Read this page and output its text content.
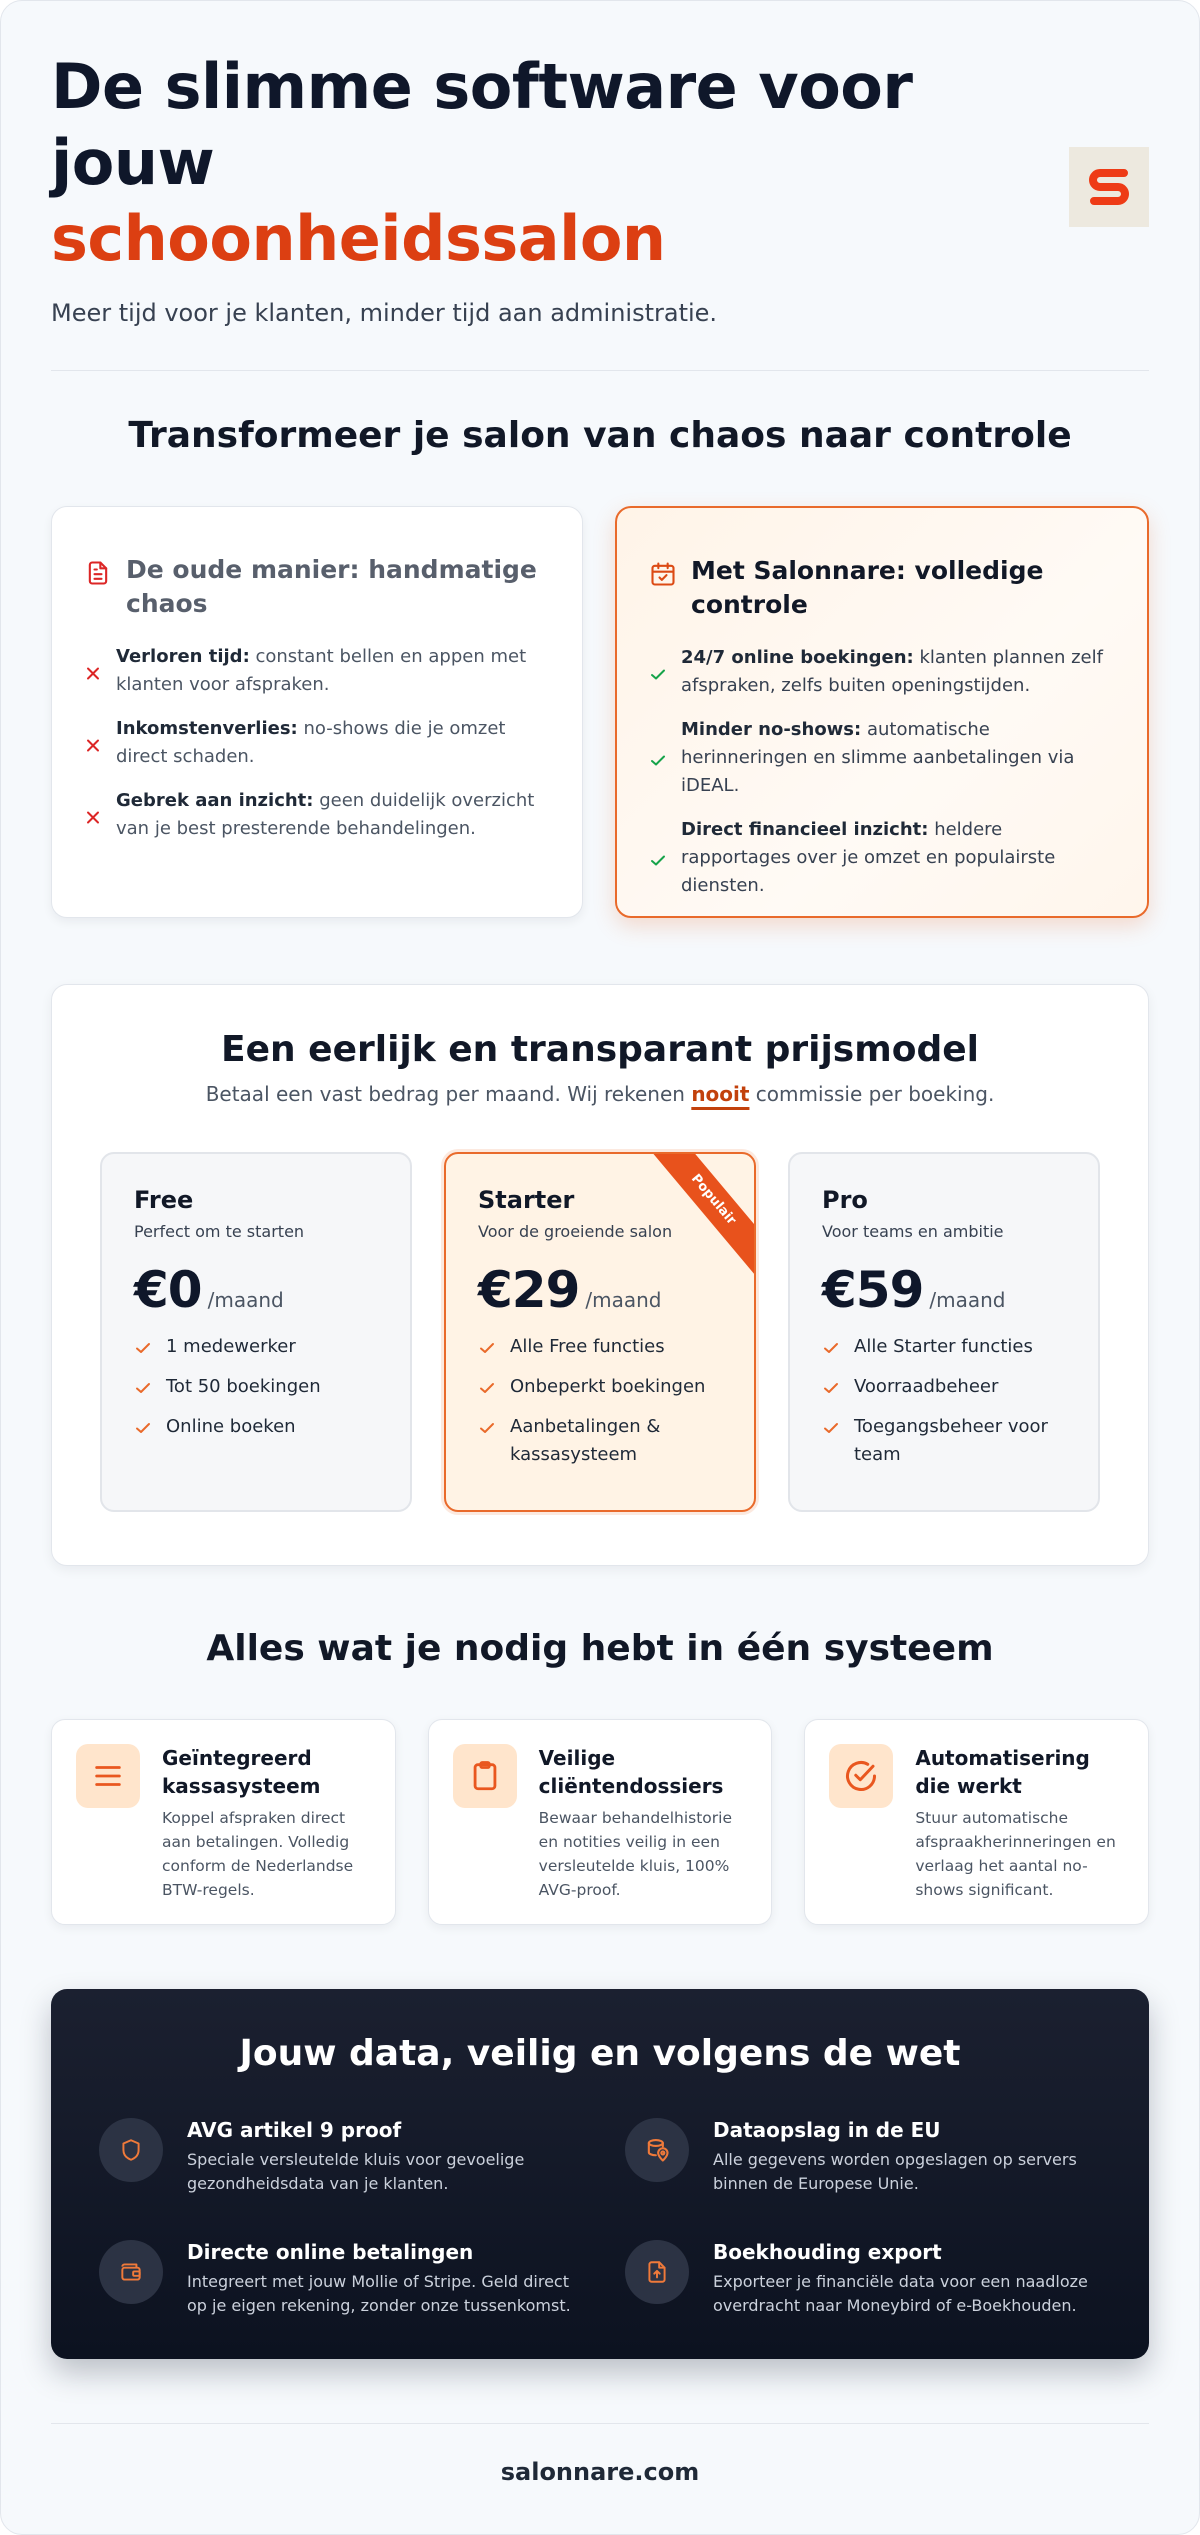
De slimme software voor
jouw
schoonheidssalon

Meer tijd voor je klanten, minder tijd aan administratie.

Transformeer je salon van chaos naar controle
De oude manier: handmatige chaos
Verloren tijd: constant bellen en appen met klanten voor afspraken.
Inkomstenverlies: no-shows die je omzet direct schaden.
Gebrek aan inzicht: geen duidelijk overzicht van je best presterende behandelingen.
Met Salonnare: volledige controle
24/7 online boekingen: klanten plannen zelf afspraken, zelfs buiten openingstijden.
Minder no-shows: automatische herinneringen en slimme aanbetalingen via iDEAL.
Direct financieel inzicht: heldere rapportages over je omzet en populairste diensten.
Een eerlijk en transparant prijsmodel

Betaal een vast bedrag per maand. Wij rekenen nooit commissie per boeking.

Free
Perfect om te starten
€0 /maand
1 medewerker
Tot 50 boekingen
Online boeken
Populair
Starter
Voor de groeiende salon
€29 /maand
Alle Free functies
Onbeperkt boekingen
Aanbetalingen & kassasysteem
Pro
Voor teams en ambitie
€59 /maand
Alle Starter functies
Voorraadbeheer
Toegangsbeheer voor team
Alles wat je nodig hebt in één systeem
Geïntegreerd kassasysteem

Koppel afspraken direct aan betalingen. Volledig conform de Nederlandse BTW-regels.

Veilige cliëntendossiers

Bewaar behandelhistorie en notities veilig in een versleutelde kluis, 100% AVG-proof.

Automatisering die werkt

Stuur automatische afspraakherinneringen en verlaag het aantal no-shows significant.

Jouw data, veilig en volgens de wet
AVG artikel 9 proof

Speciale versleutelde kluis voor gevoelige gezondheidsdata van je klanten.

Dataopslag in de EU

Alle gegevens worden opgeslagen op servers binnen de Europese Unie.

Directe online betalingen

Integreert met jouw Mollie of Stripe. Geld direct op je eigen rekening, zonder onze tussenkomst.

Boekhouding export

Exporteer je financiële data voor een naadloze overdracht naar Moneybird of e-Boekhouden.

salonnare.com
